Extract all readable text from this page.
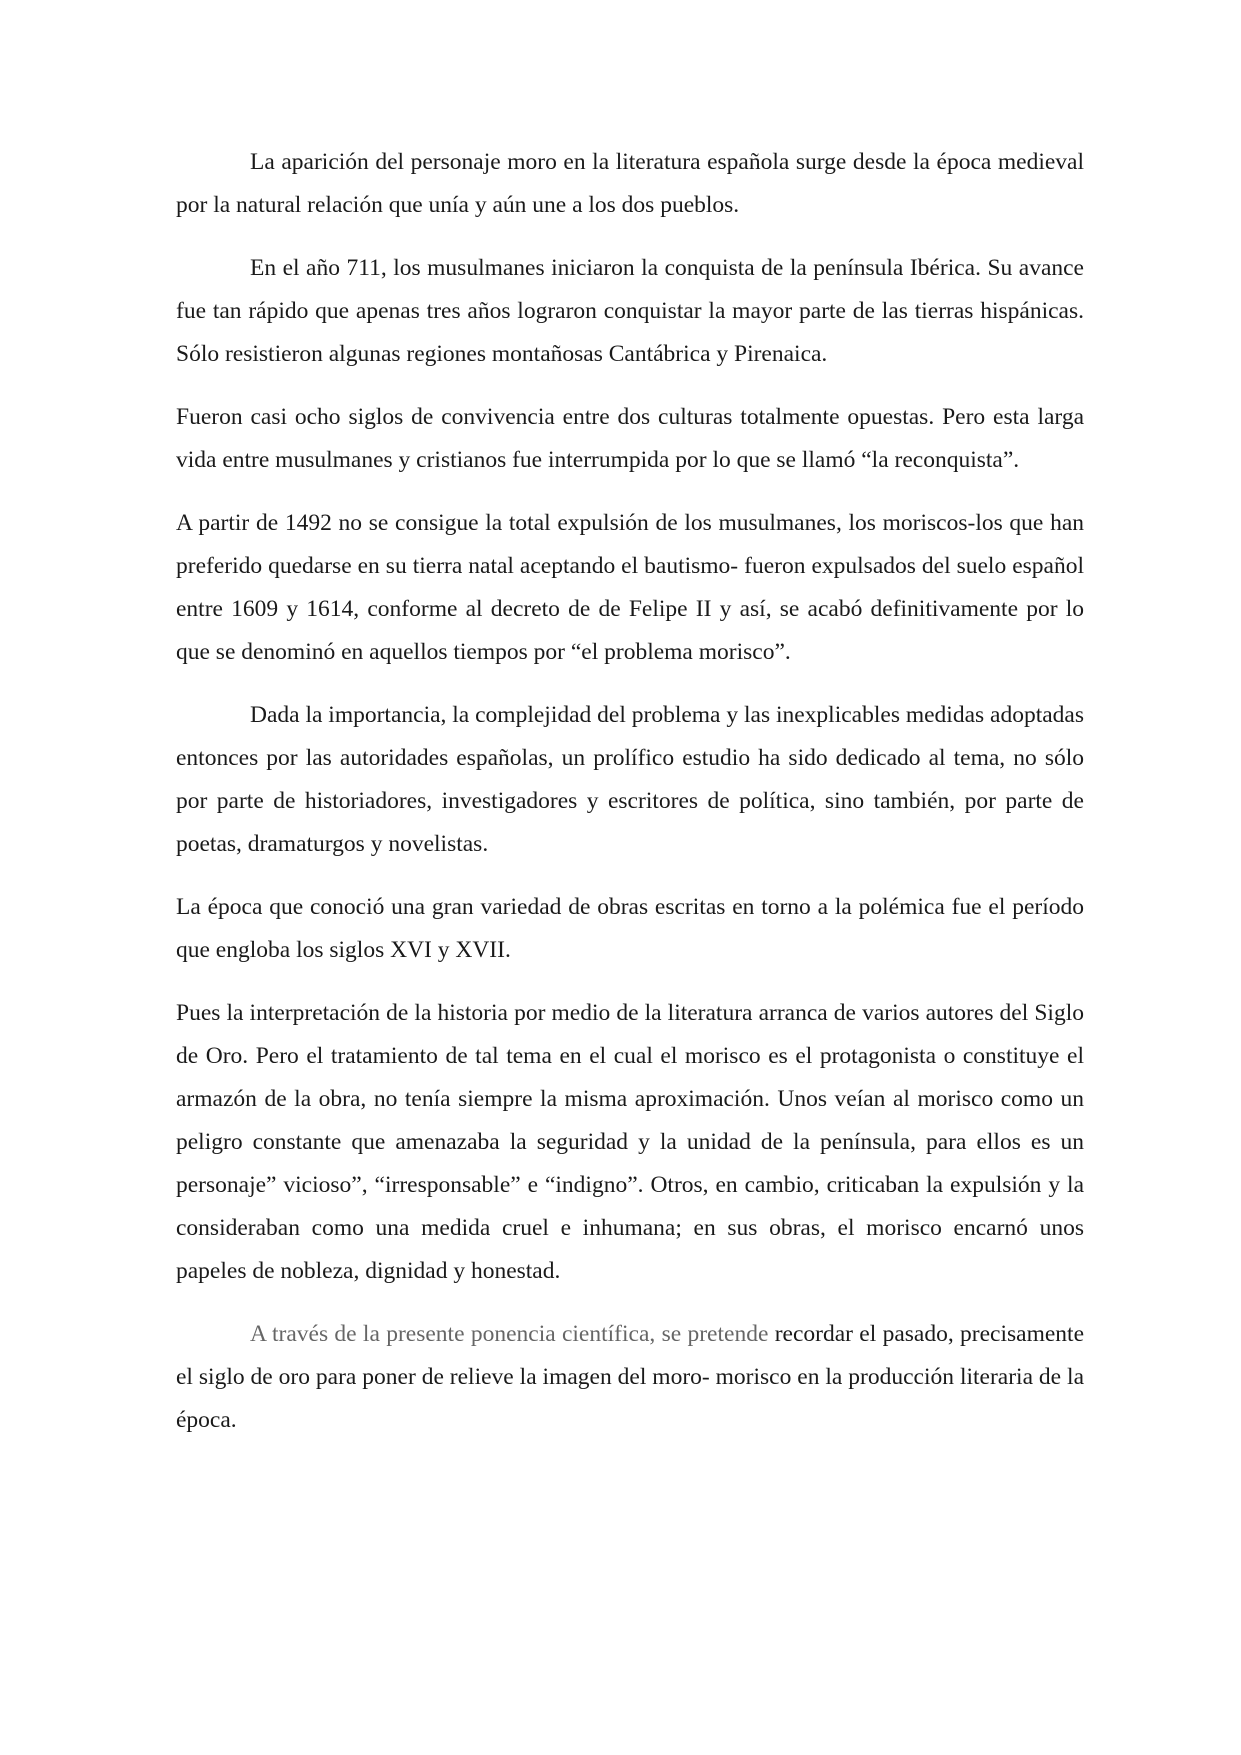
La aparición del personaje moro en la literatura española surge desde la época medieval por la natural relación que unía y aún une a los dos pueblos.

En el año 711, los musulmanes iniciaron la conquista de la península Ibérica. Su avance fue tan rápido que apenas tres años lograron conquistar la mayor parte de las tierras hispánicas. Sólo resistieron algunas regiones montañosas Cantábrica y Pirenaica.

Fueron casi ocho siglos de convivencia entre dos culturas totalmente opuestas. Pero esta larga vida entre musulmanes y cristianos fue interrumpida por lo que se llamó “la reconquista”.

A partir de 1492 no se consigue la total expulsión de los musulmanes, los moriscos-los que han preferido quedarse en su tierra natal aceptando el bautismo- fueron expulsados del suelo español entre 1609 y 1614, conforme al decreto de de Felipe II y así, se acabó definitivamente por lo que se denominó en aquellos tiempos por “el problema morisco”.

Dada la importancia, la complejidad del problema y las inexplicables medidas adoptadas entonces por las autoridades españolas, un prolífico estudio ha sido dedicado al tema, no sólo por parte de historiadores, investigadores y escritores de política, sino también, por parte de poetas, dramaturgos y novelistas.

La época que conoció una gran variedad de obras escritas en torno a la polémica fue el período que engloba los siglos XVI y XVII.

Pues la interpretación de la historia por medio de la literatura arranca de varios autores del Siglo de Oro. Pero el tratamiento de tal tema en el cual el morisco es el protagonista o constituye el armazón de la obra, no tenía siempre la misma aproximación. Unos veían al morisco como un peligro constante que amenazaba la seguridad y la unidad de la península, para ellos es un personaje” vicioso”, “irresponsable” e “indigno”. Otros, en cambio, criticaban la expulsión y la consideraban como una medida cruel e inhumana; en sus obras, el morisco encarnó unos papeles de nobleza, dignidad y honestad.

A través de la presente ponencia científica, se pretende recordar el pasado, precisamente el siglo de oro para poner de relieve la imagen del moro- morisco en la producción literaria de la época.
